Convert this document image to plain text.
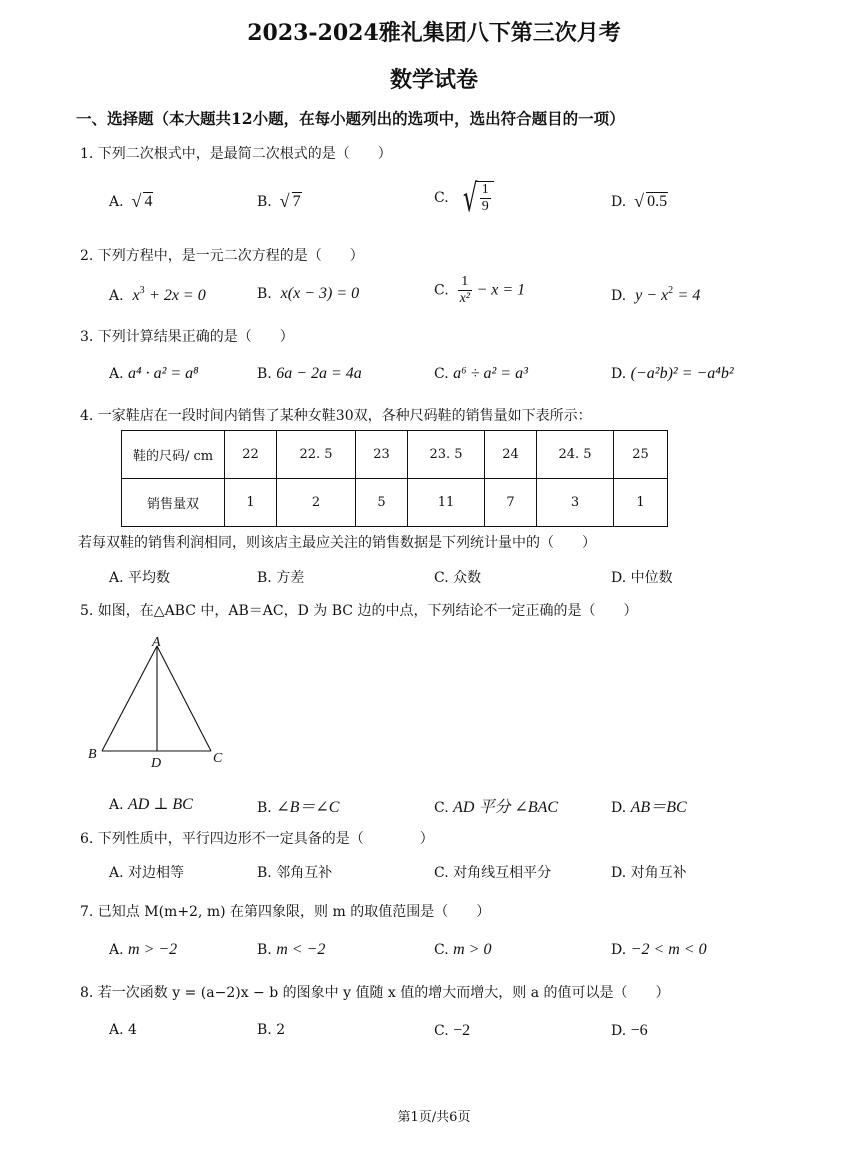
2023-2024雅礼集团八下第三次月考
数学试卷
一、选择题（本大题共12小题，在每小题列出的选项中，选出符合题目的一项）
1. 下列二次根式中，是最简二次根式的是（　　）
A. √ 4	B. √ 7	C. √ $\frac{1}{9}$	D. √ 0.5
2. 下列方程中，是一元二次方程的是（　　）
A. $x^3 + 2x = 0$	B. x(x − 3) = 0	C. $\frac{1}{\text{x²}} - x = 1$	D. $y - x^2 = 4$
3. 下列计算结果正确的是（　　）
A. a⁴ · a² = a⁸	B. 6a − 2a = 4a	C. a⁶ ÷ a² = a³	D. (−a²b)² = −a⁴b²
4. 一家鞋店在一段时间内销售了某种女鞋30双，各种尺码鞋的销售量如下表所示：
鞋的尺码/ cm	22	22. 5	23	23. 5	24	24. 5	25
销售量双	1	2	5	11	7	3	1
若每双鞋的销售利润相同，则该店主最应关注的销售数据是下列统计量中的（　　）
A. 平均数	B. 方差	C. 众数	D. 中位数
5. 如图，在△ABC 中，AB＝AC，D 为 BC 边的中点，下列结论不一定正确的是（　　）
A
B	C
D
A. AD ⊥ BC	B. ∠B＝∠C	C. AD 平分 ∠BAC	D. AB＝BC
6. 下列性质中，平行四边形不一定具备的是（　　　　）
A. 对边相等	B. 邻角互补	C. 对角线互相平分	D. 对角互补
7. 已知点 M(m+2, m) 在第四象限，则 m 的取值范围是（　　）
A. m > −2	B. m < −2	C. m > 0	D. −2 < m < 0
8. 若一次函数 y = (a−2)x − b 的图象中 y 值随 x 值的增大而增大，则 a 的值可以是（　　）
A. 4	B. 2	C. −2	D. −6
第1页/共6页
